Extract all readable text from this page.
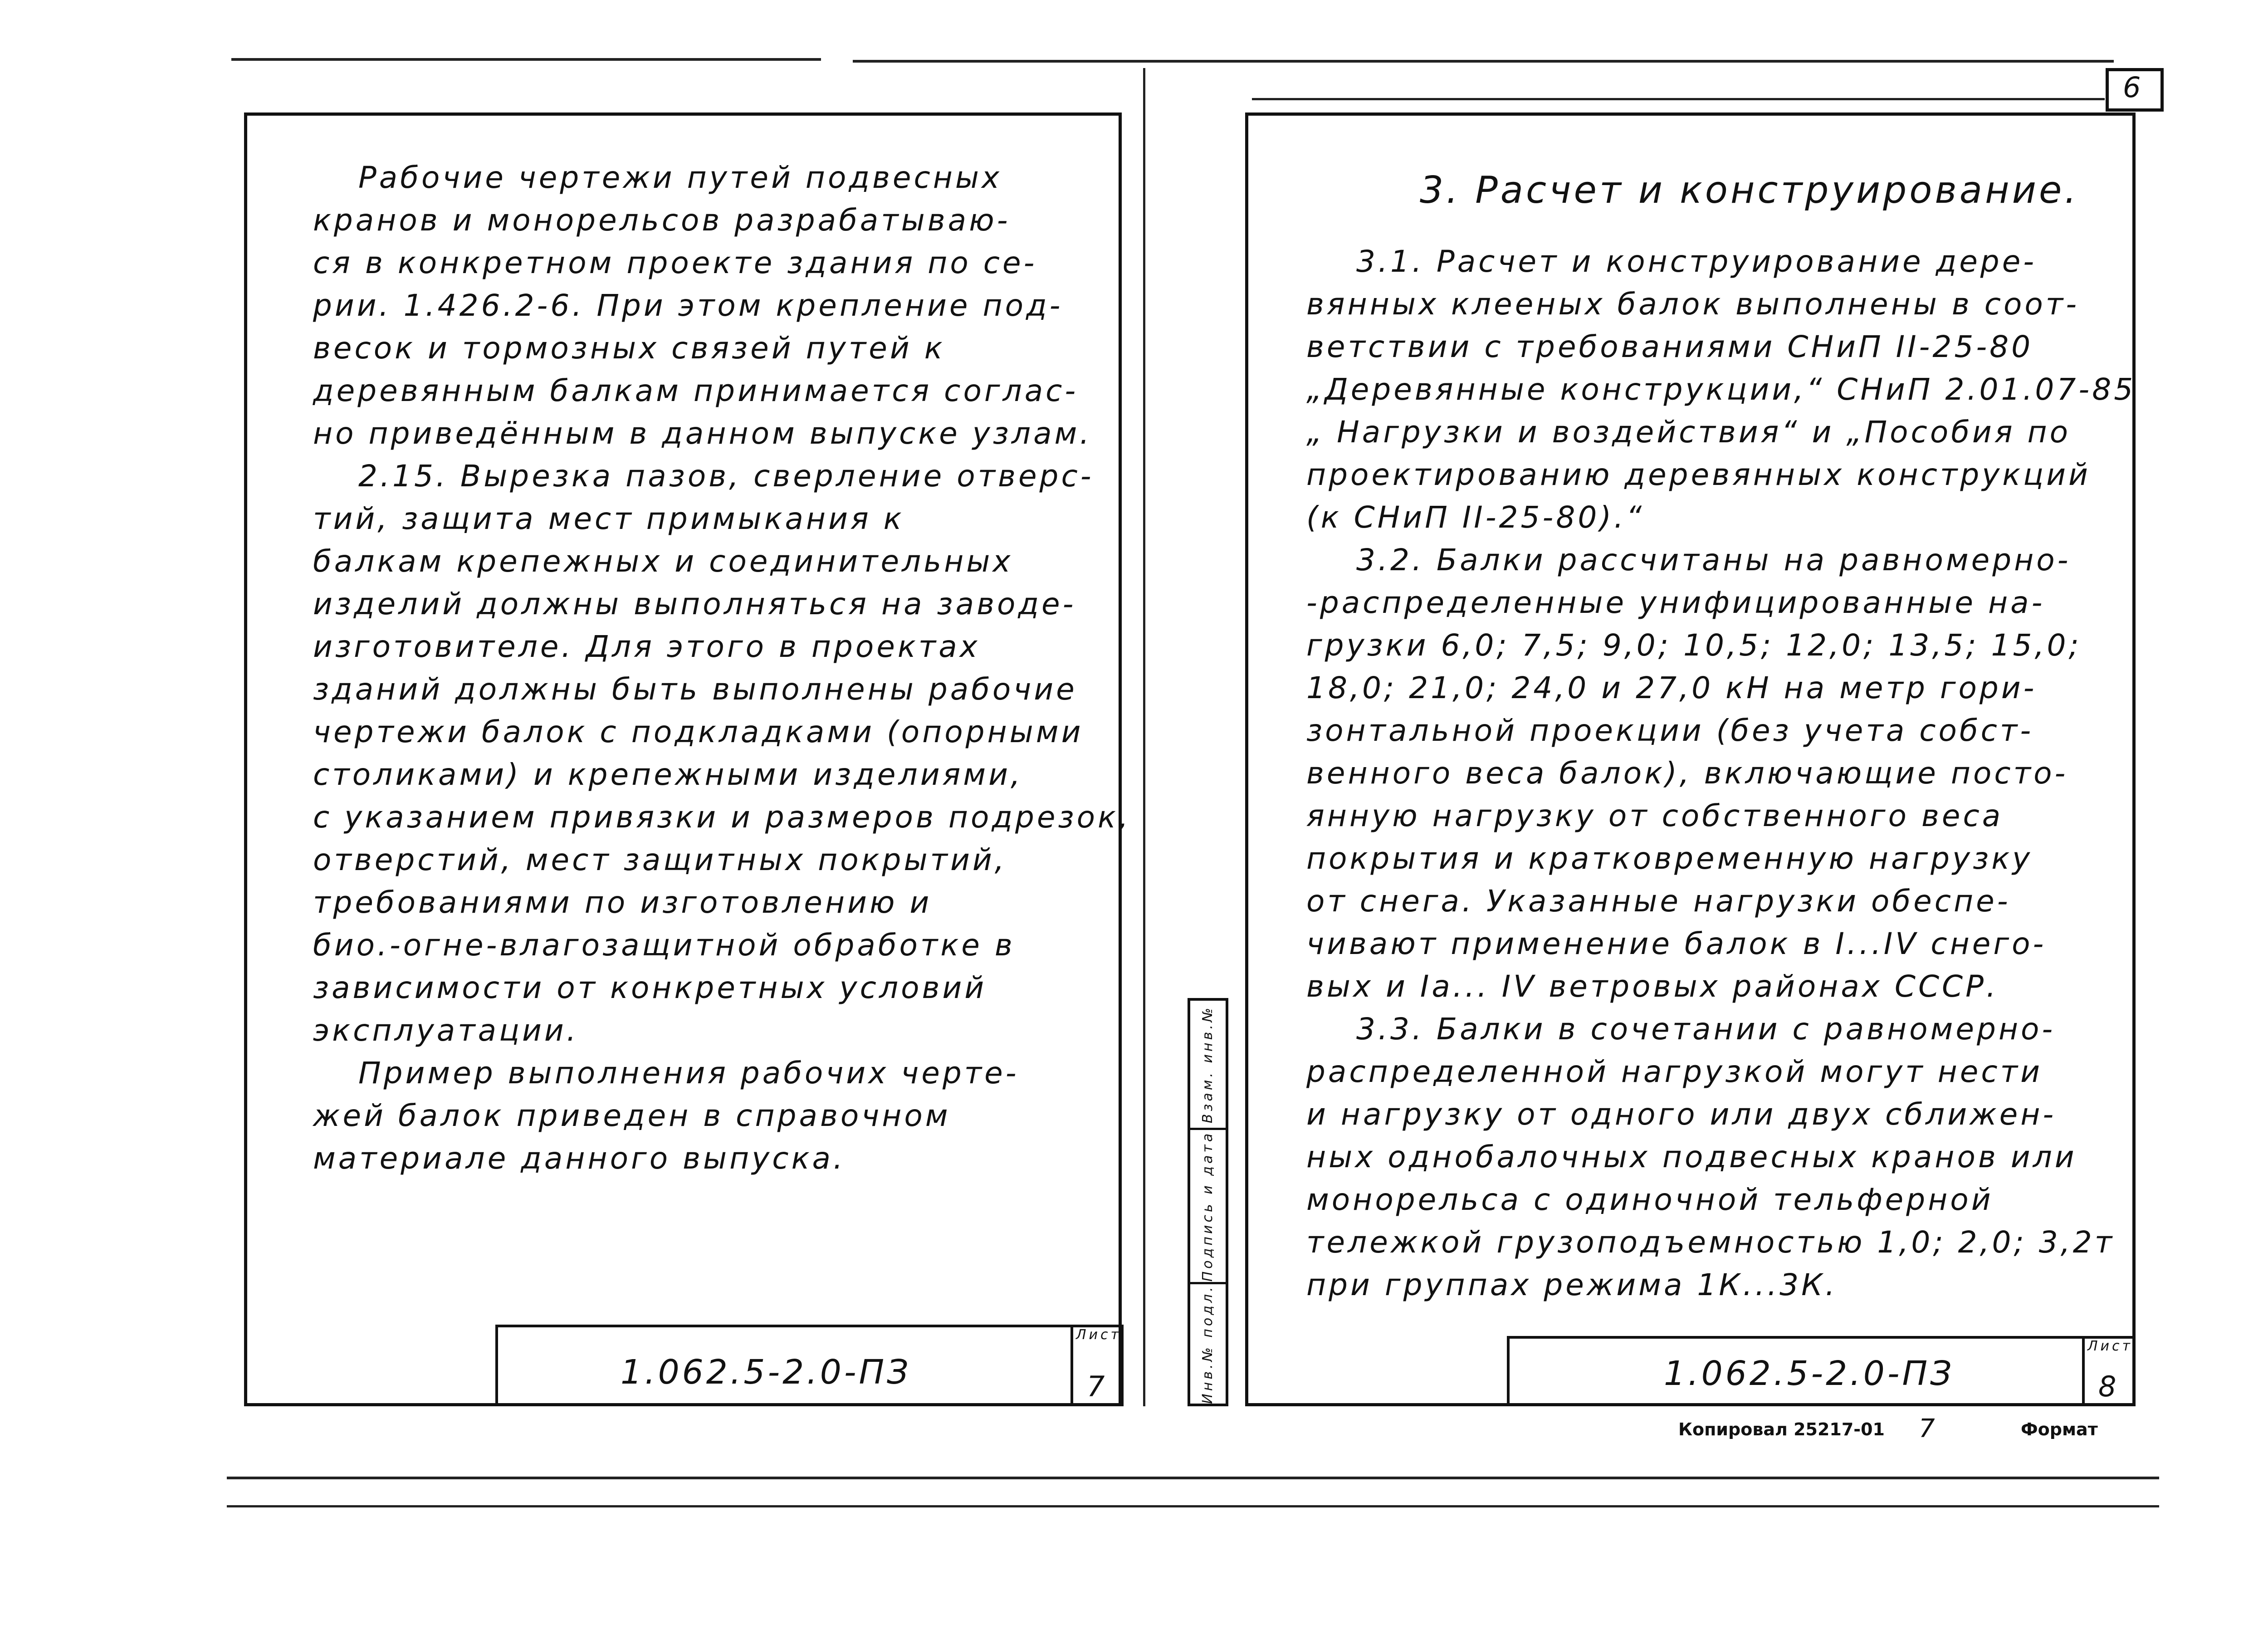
6

Рабочие чертежи путей подвесных

кранов и монорельсов разрабатываю-
ся в конкретном проекте здания по се-
рии. 1.426.2-6. При этом крепление под-
весок и тормозных связей путей к
деревянным балкам принимается соглас-
но приведённым в данном выпуске узлам.

2.15. Вырезка пазов, сверление отверс-

тий, защита мест примыкания к
балкам крепежных и соединительных
изделий должны выполняться на заводе-
изготовителе. Для этого в проектах
зданий должны быть выполнены рабочие
чертежи балок с подкладками (опорными
столиками) и крепежными изделиями,
с указанием привязки и размеров подрезок,
отверстий, мест защитных покрытий,
требованиями по изготовлению и
био.-огне-влагозащитной обработке в
зависимости от конкретных условий
эксплуатации.

Пример выполнения рабочих черте-

жей балок приведен в справочном
материале данного выпуска.

1.062.5-2.0-ПЗ
Лист
7
Взам. инв.№
Подпись и дата
Инв.№ подл.
3. Расчет и конструирование.

3.1. Расчет и конструирование дере-

вянных клееных балок выполнены в соот-
ветствии с требованиями СНиП II-25-80
„Деревянные конструкции,“ СНиП 2.01.07-85
„ Нагрузки и воздействия“ и „Пособия по
проектированию деревянных конструкций
(к СНиП II-25-80).“

3.2. Балки рассчитаны на равномерно-

-распределенные унифицированные на-
грузки 6,0; 7,5; 9,0; 10,5; 12,0; 13,5; 15,0;
18,0; 21,0; 24,0 и 27,0 кН на метр гори-
зонтальной проекции (без учета собст-
венного веса балок), включающие посто-
янную нагрузку от собственного веса
покрытия и кратковременную нагрузку
от снега. Указанные нагрузки обеспе-
чивают применение балок в I...IV снего-
вых и Iа... IV ветровых районах СССР.

3.3. Балки в сочетании с равномерно-

распределенной нагрузкой могут нести
и нагрузку от одного или двух сближен-
ных однобалочных подвесных кранов или
монорельса с одиночной тельферной
тележкой грузоподъемностью 1,0; 2,0; 3,2т
при группах режима 1К...3К.

1.062.5-2.0-ПЗ
Лист
8
Копировал 25217-01 7	Формат
